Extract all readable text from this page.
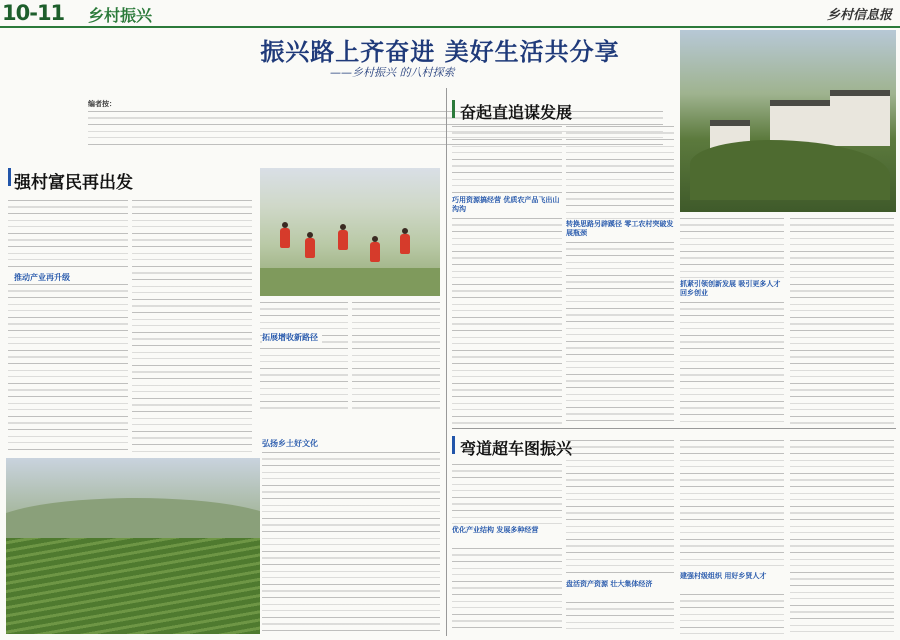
10-11 乡村振兴	乡村信息报
振兴路上齐奋进 美好生活共分享
——乡村振兴 的八村探索
编者按：
强村富民再出发
推动产业再升级
拓展增收新路径
弘扬乡土好文化
奋起直追谋发展
巧用资源搞经营 优质农产品飞出山沟沟
转换思路另辟蹊径 零工农村突破发展瓶颈
抓紧引领创新发展 吸引更多人才回乡创业
弯道超车图振兴
优化产业结构 发展多种经营
盘活资产资源 壮大集体经济
建强村级组织 用好乡贤人才
